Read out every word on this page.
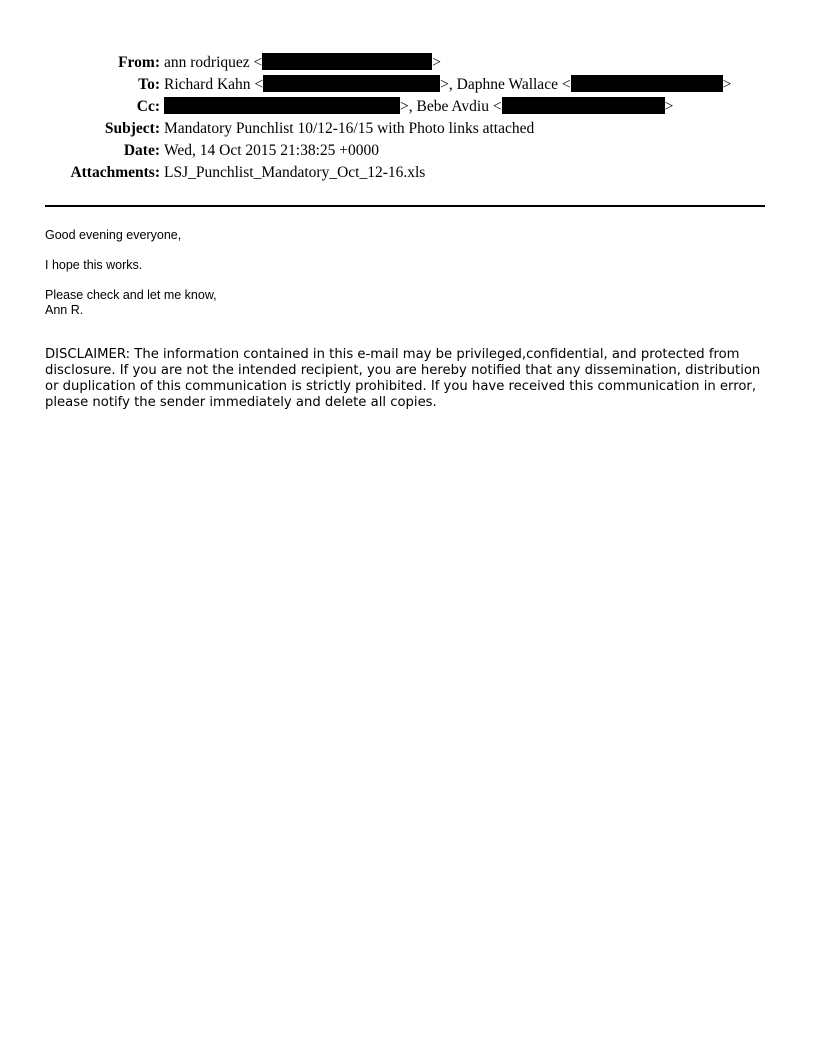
From: ann rodriquez <	>
To: Richard Kahn <	>, Daphne Wallace <	>
Cc:	>, Bebe Avdiu <	>
Subject: Mandatory Punchlist 10/12-16/15 with Photo links attached
Date: Wed, 14 Oct 2015 21:38:25 +0000
Attachments: LSJ_Punchlist_Mandatory_Oct_12-16.xls

Good evening everyone,

I hope this works.

Please check and let me know,

Ann R.

DISCLAIMER: The information contained in this e-mail may be privileged,confidential, and protected from disclosure. If you are not the intended recipient, you are hereby notified that any dissemination, distribution or duplication of this communication is strictly prohibited. If you have received this communication in error, please notify the sender immediately and delete all copies.
